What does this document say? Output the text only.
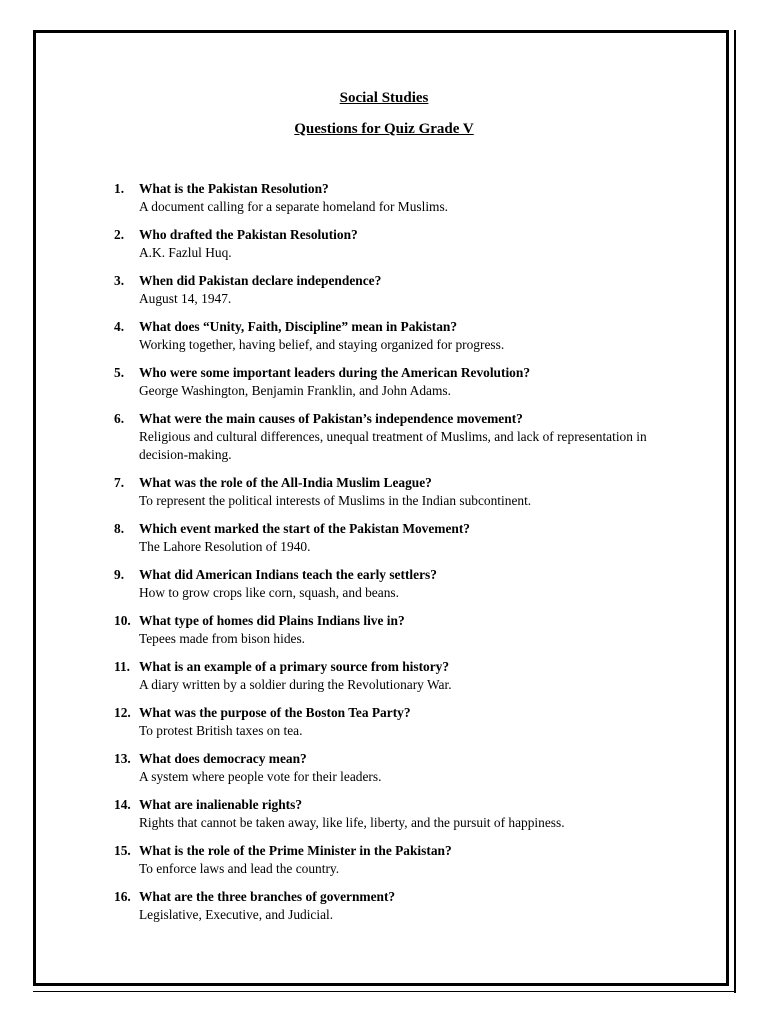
Social Studies
Questions for Quiz Grade V
1. What is the Pakistan Resolution?
A document calling for a separate homeland for Muslims.
2. Who drafted the Pakistan Resolution?
A.K. Fazlul Huq.
3. When did Pakistan declare independence?
August 14, 1947.
4. What does “Unity, Faith, Discipline” mean in Pakistan?
Working together, having belief, and staying organized for progress.
5. Who were some important leaders during the American Revolution?
George Washington, Benjamin Franklin, and John Adams.
6. What were the main causes of Pakistan’s independence movement?
Religious and cultural differences, unequal treatment of Muslims, and lack of representation in decision-making.
7. What was the role of the All-India Muslim League?
To represent the political interests of Muslims in the Indian subcontinent.
8. Which event marked the start of the Pakistan Movement?
The Lahore Resolution of 1940.
9. What did American Indians teach the early settlers?
How to grow crops like corn, squash, and beans.
10. What type of homes did Plains Indians live in?
Tepees made from bison hides.
11. What is an example of a primary source from history?
A diary written by a soldier during the Revolutionary War.
12. What was the purpose of the Boston Tea Party?
To protest British taxes on tea.
13. What does democracy mean?
A system where people vote for their leaders.
14. What are inalienable rights?
Rights that cannot be taken away, like life, liberty, and the pursuit of happiness.
15. What is the role of the Prime Minister in the Pakistan?
To enforce laws and lead the country.
16. What are the three branches of government?
Legislative, Executive, and Judicial.
